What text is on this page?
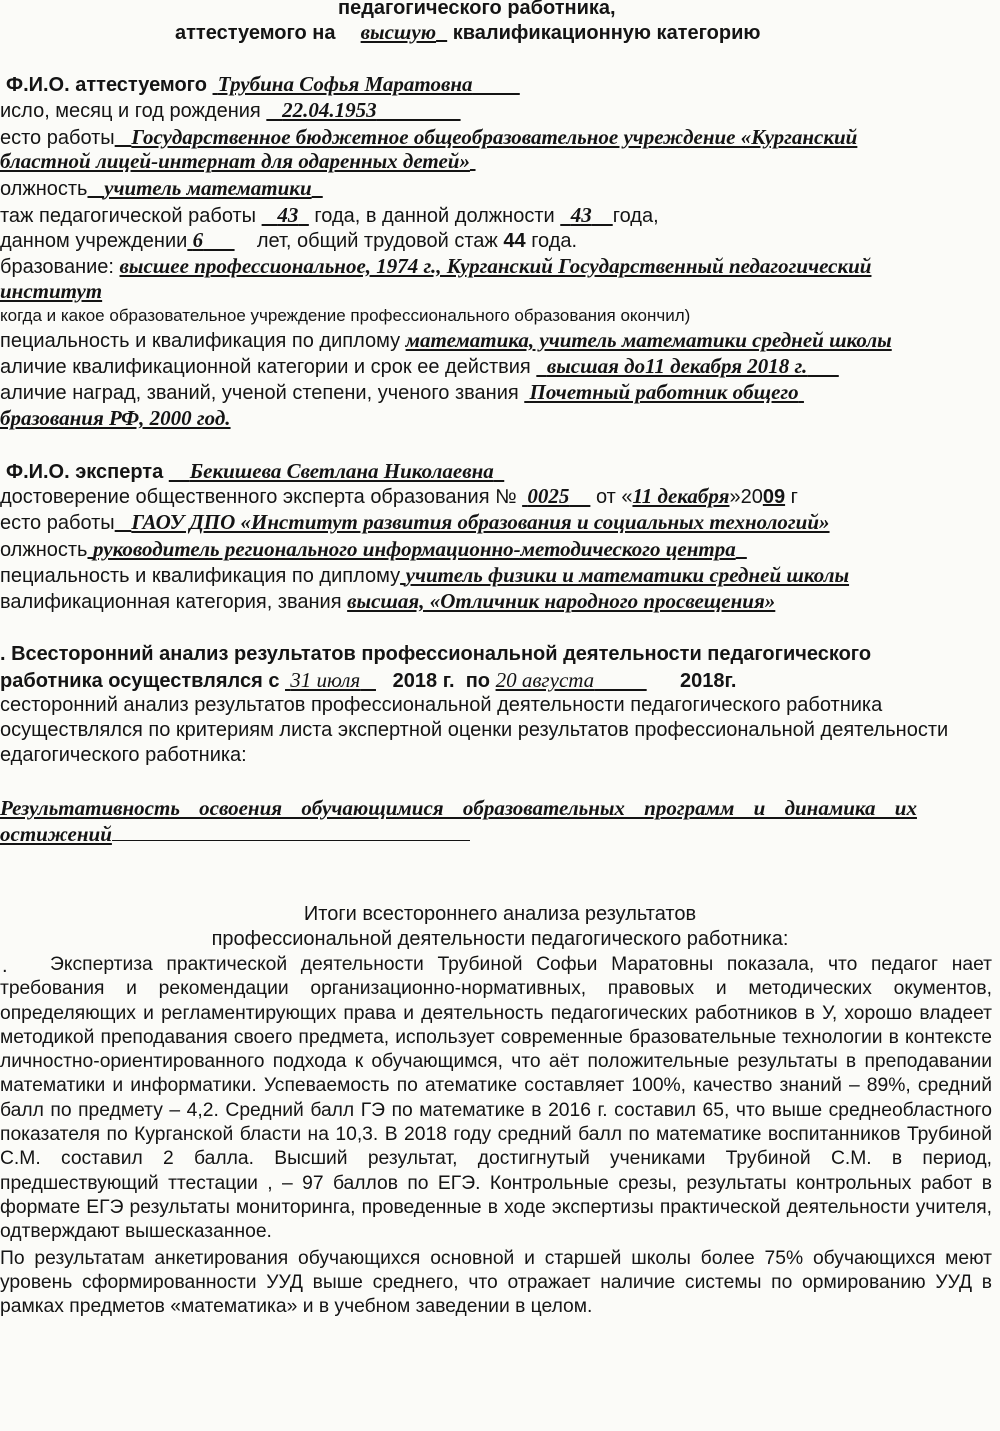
педагогического работника,
аттестуемого на высшую квалификационную категорию
Ф.И.О. аттестуемого Трубина Софья Маратовна
исло, месяц и год рождения 22.04.1953
есто работы Государственное бюджетное общеобразовательное учреждение «Курганский
бластной лицей-интернат для одаренных детей»
олжность учитель математики
таж педагогической работы 43 года, в данной должности 43 года,
данном учреждении 6	лет, общий трудовой стаж 44 года.
бразование: высшее профессиональное, 1974 г., Курганский Государственный педагогический
институт
когда и какое образовательное учреждение профессионального образования окончил)
пециальность и квалификация по диплому математика, учитель математики средней школы
аличие квалификационной категории и срок ее действия высшая до11 декабря 2018 г.
аличие наград, званий, ученой степени, ученого звания Почетный работник общего
бразования РФ, 2000 год.
Ф.И.О. эксперта Бекишева Светлана Николаевна
достоверение общественного эксперта образования № 0025 от «11 декабря»2009 г
есто работы ГАОУ ДПО «Институт развития образования и социальных технологий»
олжность руководитель регионального информационно-методического центра
пециальность и квалификация по диплому учитель физики и математики средней школы
валификационная категория, звания высшая, «Отличник народного просвещения»
. Всесторонний анализ результатов профессиональной деятельности педагогического
работника осуществлялся с 31 июля 2018 г. по 20 августа	2018г.
сесторонний анализ результатов профессиональной деятельности педагогического работника
осуществлялся по критериям листа экспертной оценки результатов профессиональной деятельности
едагогического работника:
Результативность освоения обучающимися образовательных программ и динамика их
остижений
Итоги всестороннего анализа результатов
профессиональной деятельности педагогического работника:
.	Экспертиза практической деятельности Трубиной Софьи Маратовны показала, что педагог нает требования и рекомендации организационно-нормативных, правовых и методических окументов, определяющих и регламентирующих права и деятельность педагогических работников в У, хорошо владеет методикой преподавания своего предмета, использует современные бразовательные технологии в контексте личностно-ориентированного подхода к обучающимся, что аёт положительные результаты в преподавании математики и информатики. Успеваемость по атематике составляет 100%, качество знаний – 89%, средний балл по предмету – 4,2. Средний балл ГЭ по математике в 2016 г. составил 65, что выше среднеобластного показателя по Курганской бласти на 10,3. В 2018 году средний балл по математике воспитанников Трубиной С.М. составил 2 балла. Высший результат, достигнутый учениками Трубиной С.М. в период, предшествующий ттестации , – 97 баллов по ЕГЭ. Контрольные срезы, результаты контрольных работ в формате ЕГЭ результаты мониторинга, проведенные в ходе экспертизы практической деятельности учителя, одтверждают вышесказанное.

По результатам анкетирования обучающихся основной и старшей школы более 75% обучающихся меют уровень сформированности УУД выше среднего, что отражает наличие системы по ормированию УУД в рамках предметов «математика» и в учебном заведении в целом.
